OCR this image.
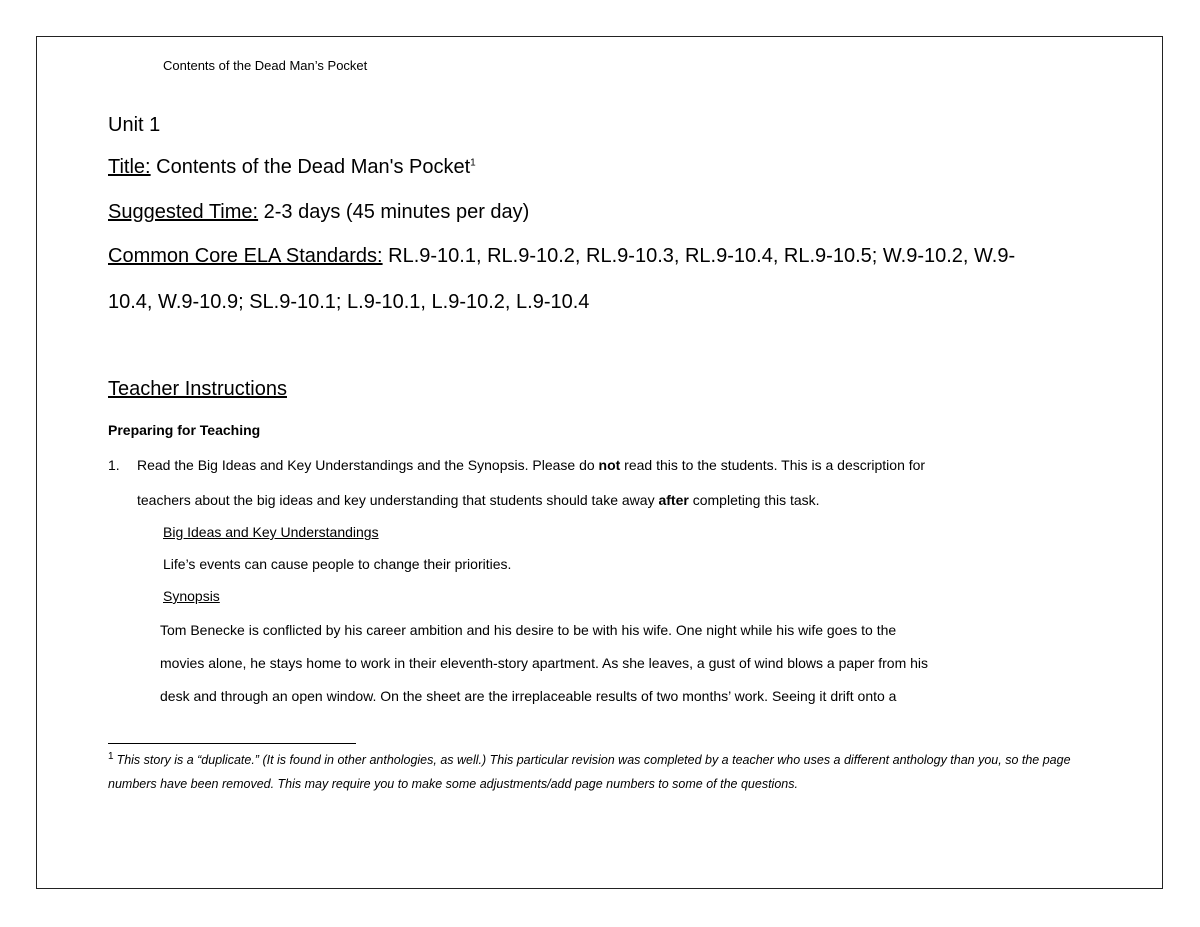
Contents of the Dead Man’s Pocket
Unit 1
Title: Contents of the Dead Man's Pocket$^1$
Suggested Time: 2-3 days (45 minutes per day)
Common Core ELA Standards: RL.9-10.1, RL.9-10.2, RL.9-10.3, RL.9-10.4, RL.9-10.5; W.9-10.2, W.9-
10.4, W.9-10.9; SL.9-10.1; L.9-10.1, L.9-10.2, L.9-10.4
Teacher Instructions
Preparing for Teaching
1. Read the Big Ideas and Key Understandings and the Synopsis. Please do not read this to the students. This is a description for
teachers about the big ideas and key understanding that students should take away after completing this task.
Big Ideas and Key Understandings
Life’s events can cause people to change their priorities.
Synopsis
Tom Benecke is conflicted by his career ambition and his desire to be with his wife. One night while his wife goes to the
movies alone, he stays home to work in their eleventh-story apartment. As she leaves, a gust of wind blows a paper from his
desk and through an open window. On the sheet are the irreplaceable results of two months’ work. Seeing it drift onto a
$^1$ This story is a “duplicate.” (It is found in other anthologies, as well.) This particular revision was completed by a teacher who uses a different anthology than you, so the page numbers have been removed. This may require you to make some adjustments/add page numbers to some of the questions.
